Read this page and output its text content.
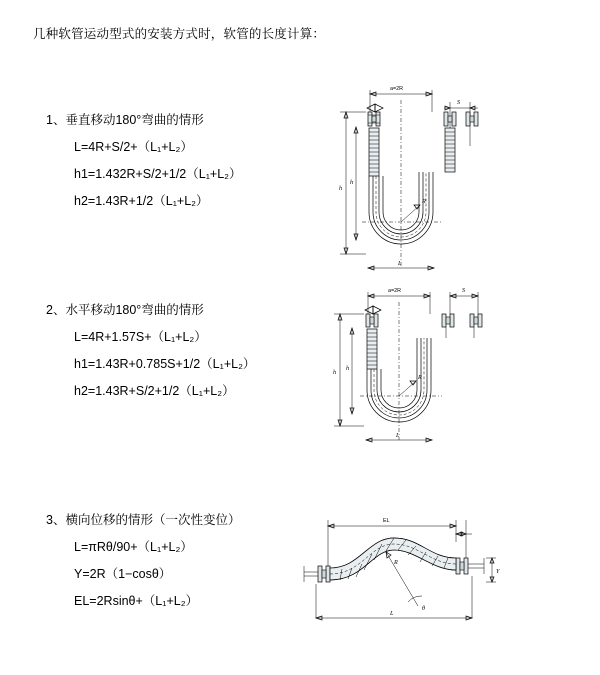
几种软管运动型式的安装方式时，软管的长度计算：
1、垂直移动180°弯曲的情形
L=4R+S/2+（L₁+L₂）
h1=1.432R+S/2+1/2（L₁+L₂）
h2=1.43R+1/2（L₁+L₂）
a=2R
S
h
h
R
L
2、水平移动180°弯曲的情形
L=4R+1.57S+（L₁+L₂）
h1=1.43R+0.785S+1/2（L₁+L₂）
h2=1.43R+S/2+1/2（L₁+L₂）
a=2R	S
h
h
R
L
3、横向位移的情形（一次性变位）
L=πRθ/90+（L₁+L₂）
Y=2R（1−cosθ）
EL=2Rsinθ+（L₁+L₂）
EL
R
θ
Y
L
